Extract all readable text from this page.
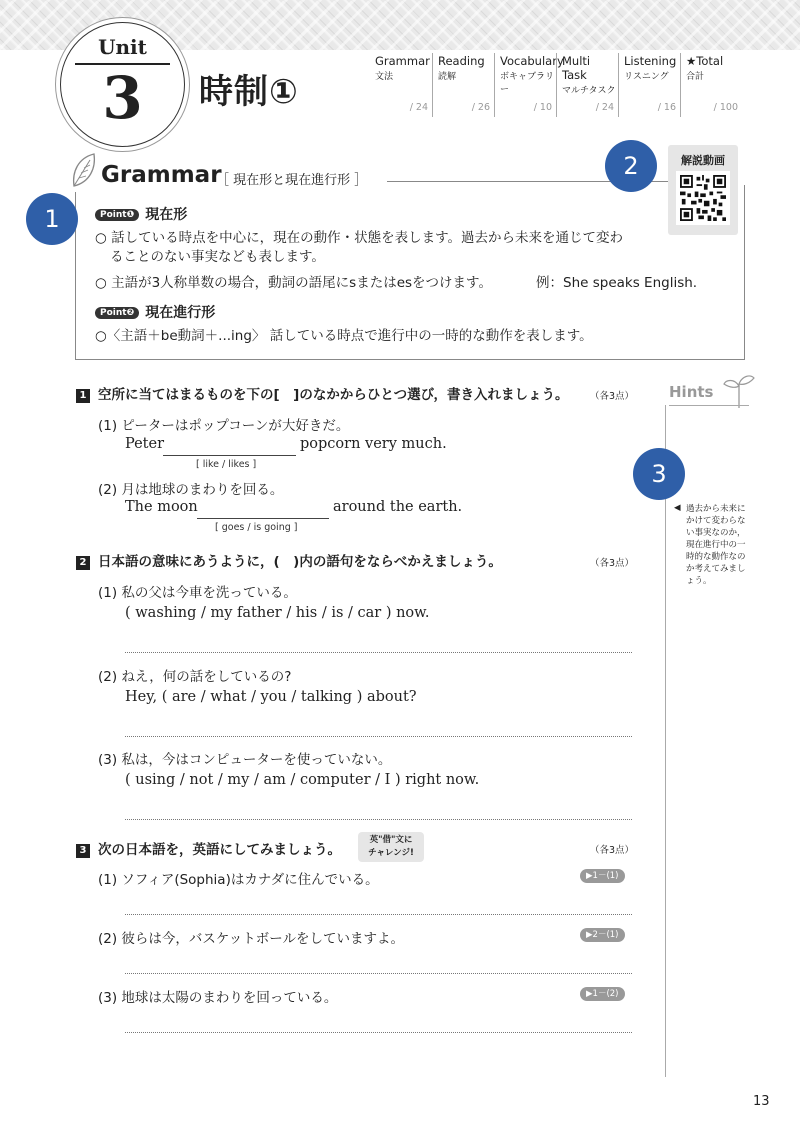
Unit
3	時制①
Grammar
文法
/ 24
Reading
読解
/ 26
Vocabulary
ボキャブラリー
/ 10
Multi Task
マルチタスク
/ 24
Listening
リスニング
/ 16
★Total
合計
/ 100
Grammar
［ 現在形と現在進行形 ］
2
1
解説動画
Point❶ 現在形
○ 話している時点を中心に，現在の動作・状態を表します。過去から未来を通じて変わ
ることのない事実なども表します。
○ 主語が3人称単数の場合，動詞の語尾にsまたはesをつけます。	例：She speaks English.
Point❷ 現在進行形
○〈主語＋be動詞＋...ing〉 話している時点で進行中の一時的な動作を表します。
Hints
3
◀ 過去から未来にかけて変わらない事実なのか，現在進行中の一時的な動作なのか考えてみましょう。
1 空所に当てはまるものを下の[　]のなかからひとつ選び，書き入れましょう。 （各3点）
(1) ピーターはポップコーンが大好きだ。
Peter	popcorn very much.
[ like / likes ]
(2) 月は地球のまわりを回る。
The moon	around the earth.
[ goes / is going ]
2 日本語の意味にあうように，(　)内の語句をならべかえましょう。	（各3点）
(1) 私の父は今車を洗っている。
( washing / my father / his / is / car ) now.
(2) ねえ，何の話をしているの?
Hey, ( are / what / you / talking ) about?
(3) 私は，今はコンピューターを使っていない。
( using / not / my / am / computer / I ) right now.
3 次の日本語を，英語にしてみましょう。
英"借"文に
チャレンジ!	（各3点）
(1) ソフィア(Sophia)はカナダに住んでいる。	▶1－(1)
(2) 彼らは今，バスケットボールをしていますよ。	▶2－(1)
(3) 地球は太陽のまわりを回っている。	▶1－(2)
13
